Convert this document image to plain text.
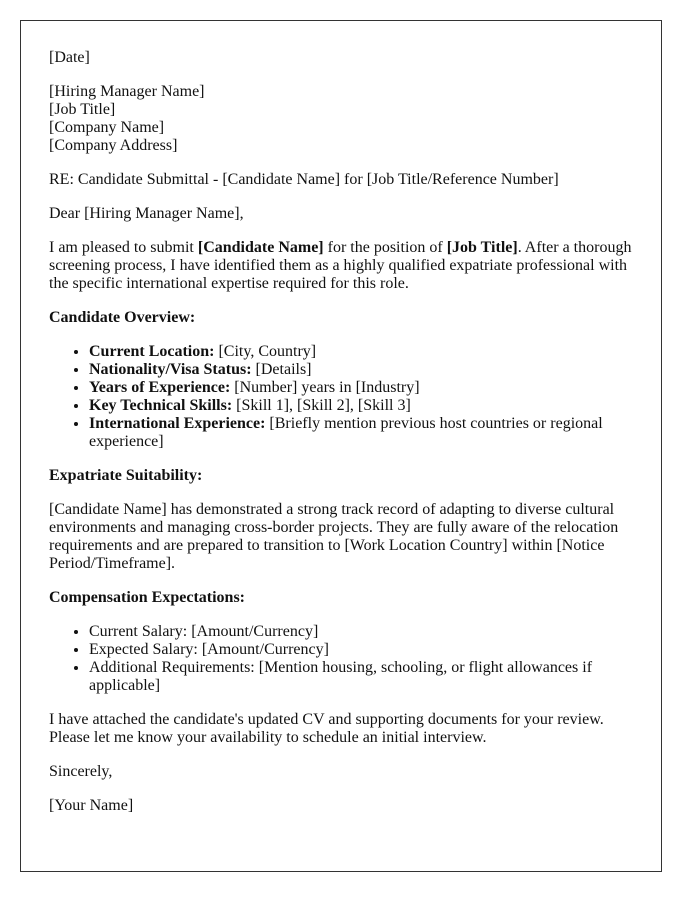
[Date]

[Hiring Manager Name]
[Job Title]
[Company Name]
[Company Address]

RE: Candidate Submittal - [Candidate Name] for [Job Title/Reference Number]

Dear [Hiring Manager Name],

I am pleased to submit [Candidate Name] for the position of [Job Title]. After a thorough screening process, I have identified them as a highly qualified expatriate professional with the specific international expertise required for this role.

Candidate Overview:
• Current Location: [City, Country]
• Nationality/Visa Status: [Details]
• Years of Experience: [Number] years in [Industry]
• Key Technical Skills: [Skill 1], [Skill 2], [Skill 3]
• International Experience: [Briefly mention previous host countries or regional experience]
Expatriate Suitability:

[Candidate Name] has demonstrated a strong track record of adapting to diverse cultural environments and managing cross-border projects. They are fully aware of the relocation requirements and are prepared to transition to [Work Location Country] within [Notice Period/Timeframe].

Compensation Expectations:
• Current Salary: [Amount/Currency]
• Expected Salary: [Amount/Currency]
• Additional Requirements: [Mention housing, schooling, or flight allowances if applicable]

I have attached the candidate's updated CV and supporting documents for your review. Please let me know your availability to schedule an initial interview.

Sincerely,

[Your Name]
